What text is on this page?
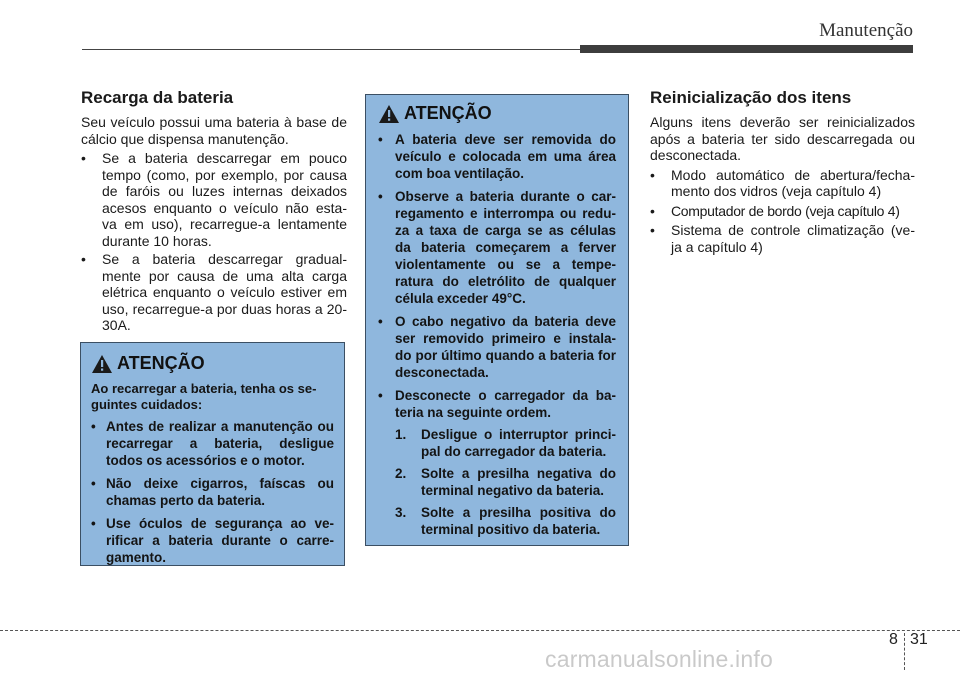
Manutenção
Recarga da bateria

Seu veículo possui uma bateria à base de cálcio que dispensa manutenção.

• Se a bateria descarregar em pouco tempo (como, por exemplo, por causa de faróis ou luzes internas deixados acesos enquanto o veículo não esta- va em uso), recarregue-a lentamente durante 10 horas.
• Se a bateria descarregar gradual- mente por causa de uma alta carga elétrica enquanto o veículo estiver em uso, recarregue-a por duas horas a 20-30A.
ATENÇÃO

Ao recarregar a bateria, tenha os se- guintes cuidados:

• Antes de realizar a manutenção ou recarregar a bateria, desligue todos os acessórios e o motor.
• Não deixe cigarros, faíscas ou chamas perto da bateria.
• Use óculos de segurança ao ve- rificar a bateria durante o carre- gamento.
ATENÇÃO
• A bateria deve ser removida do veículo e colocada em uma área com boa ventilação.
• Observe a bateria durante o car- regamento e interrompa ou redu- za a taxa de carga se as células da bateria começarem a ferver violentamente ou se a tempe- ratura do eletrólito de qualquer célula exceder 49°C.
• O cabo negativo da bateria deve ser removido primeiro e instala- do por último quando a bateria for desconectada.
• Desconecte o carregador da ba- teria na seguinte ordem.
1. Desligue o interruptor princi- pal do carregador da bateria.
2. Solte a presilha negativa do terminal negativo da bateria.
3. Solte a presilha positiva do terminal positivo da bateria.
Reinicialização dos itens

Alguns itens deverão ser reinicializados após a bateria ter sido descarregada ou desconectada.

• Modo automático de abertura/fecha- mento dos vidros (veja capítulo 4)
• Computador de bordo (veja capítulo 4)
• Sistema de controle climatização (ve- ja a capítulo 4)
8 31
carmanualsonline.info
